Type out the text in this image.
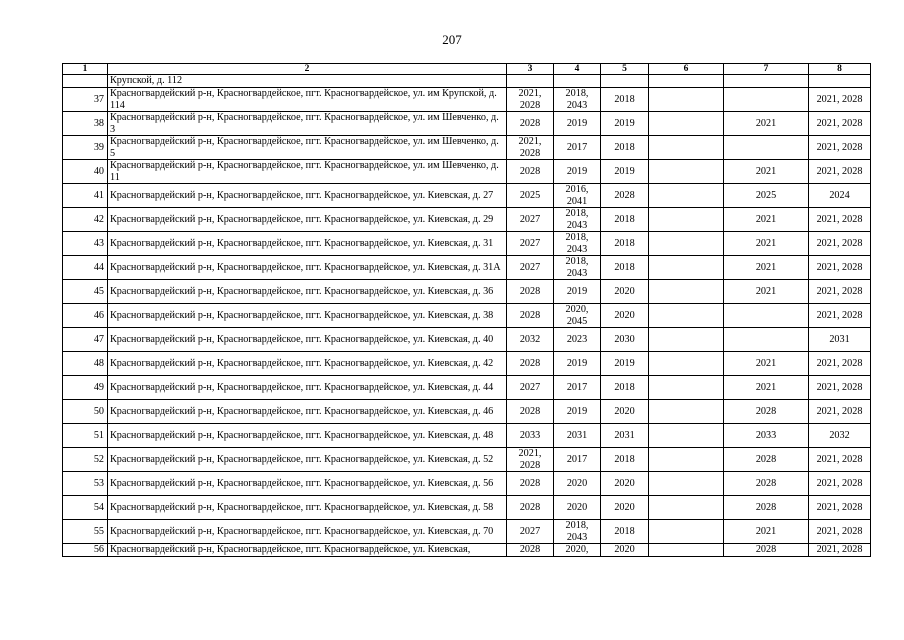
207
1	2	3	4	5	6	7	8
	Крупской, д. 112						
37	Красногвардейский р-н, Красногвардейское, пгт. Красногвардейское, ул. им Крупской, д. 114	2021, 2028	2018, 2043	2018			2021, 2028
38	Красногвардейский р-н, Красногвардейское, пгт. Красногвардейское, ул. им Шевченко, д. 3	2028	2019	2019		2021	2021, 2028
39	Красногвардейский р-н, Красногвардейское, пгт. Красногвардейское, ул. им Шевченко, д. 5	2021, 2028	2017	2018			2021, 2028
40	Красногвардейский р-н, Красногвардейское, пгт. Красногвардейское, ул. им Шевченко, д. 11	2028	2019	2019		2021	2021, 2028
41	Красногвардейский р-н, Красногвардейское, пгт. Красногвардейское, ул. Киевская, д. 27	2025	2016, 2041	2028		2025	2024
42	Красногвардейский р-н, Красногвардейское, пгт. Красногвардейское, ул. Киевская, д. 29	2027	2018, 2043	2018		2021	2021, 2028
43	Красногвардейский р-н, Красногвардейское, пгт. Красногвардейское, ул. Киевская, д. 31	2027	2018, 2043	2018		2021	2021, 2028
44	Красногвардейский р-н, Красногвардейское, пгт. Красногвардейское, ул. Киевская, д. 31А	2027	2018, 2043	2018		2021	2021, 2028
45	Красногвардейский р-н, Красногвардейское, пгт. Красногвардейское, ул. Киевская, д. 36	2028	2019	2020		2021	2021, 2028
46	Красногвардейский р-н, Красногвардейское, пгт. Красногвардейское, ул. Киевская, д. 38	2028	2020, 2045	2020			2021, 2028
47	Красногвардейский р-н, Красногвардейское, пгт. Красногвардейское, ул. Киевская, д. 40	2032	2023	2030			2031
48	Красногвардейский р-н, Красногвардейское, пгт. Красногвардейское, ул. Киевская, д. 42	2028	2019	2019		2021	2021, 2028
49	Красногвардейский р-н, Красногвардейское, пгт. Красногвардейское, ул. Киевская, д. 44	2027	2017	2018		2021	2021, 2028
50	Красногвардейский р-н, Красногвардейское, пгт. Красногвардейское, ул. Киевская, д. 46	2028	2019	2020		2028	2021, 2028
51	Красногвардейский р-н, Красногвардейское, пгт. Красногвардейское, ул. Киевская, д. 48	2033	2031	2031		2033	2032
52	Красногвардейский р-н, Красногвардейское, пгт. Красногвардейское, ул. Киевская, д. 52	2021, 2028	2017	2018		2028	2021, 2028
53	Красногвардейский р-н, Красногвардейское, пгт. Красногвардейское, ул. Киевская, д. 56	2028	2020	2020		2028	2021, 2028
54	Красногвардейский р-н, Красногвардейское, пгт. Красногвардейское, ул. Киевская, д. 58	2028	2020	2020		2028	2021, 2028
55	Красногвардейский р-н, Красногвардейское, пгт. Красногвардейское, ул. Киевская, д. 70	2027	2018, 2043	2018		2021	2021, 2028
56	Красногвардейский р-н, Красногвардейское, пгт. Красногвардейское, ул. Киевская,	2028	2020,	2020		2028	2021, 2028
